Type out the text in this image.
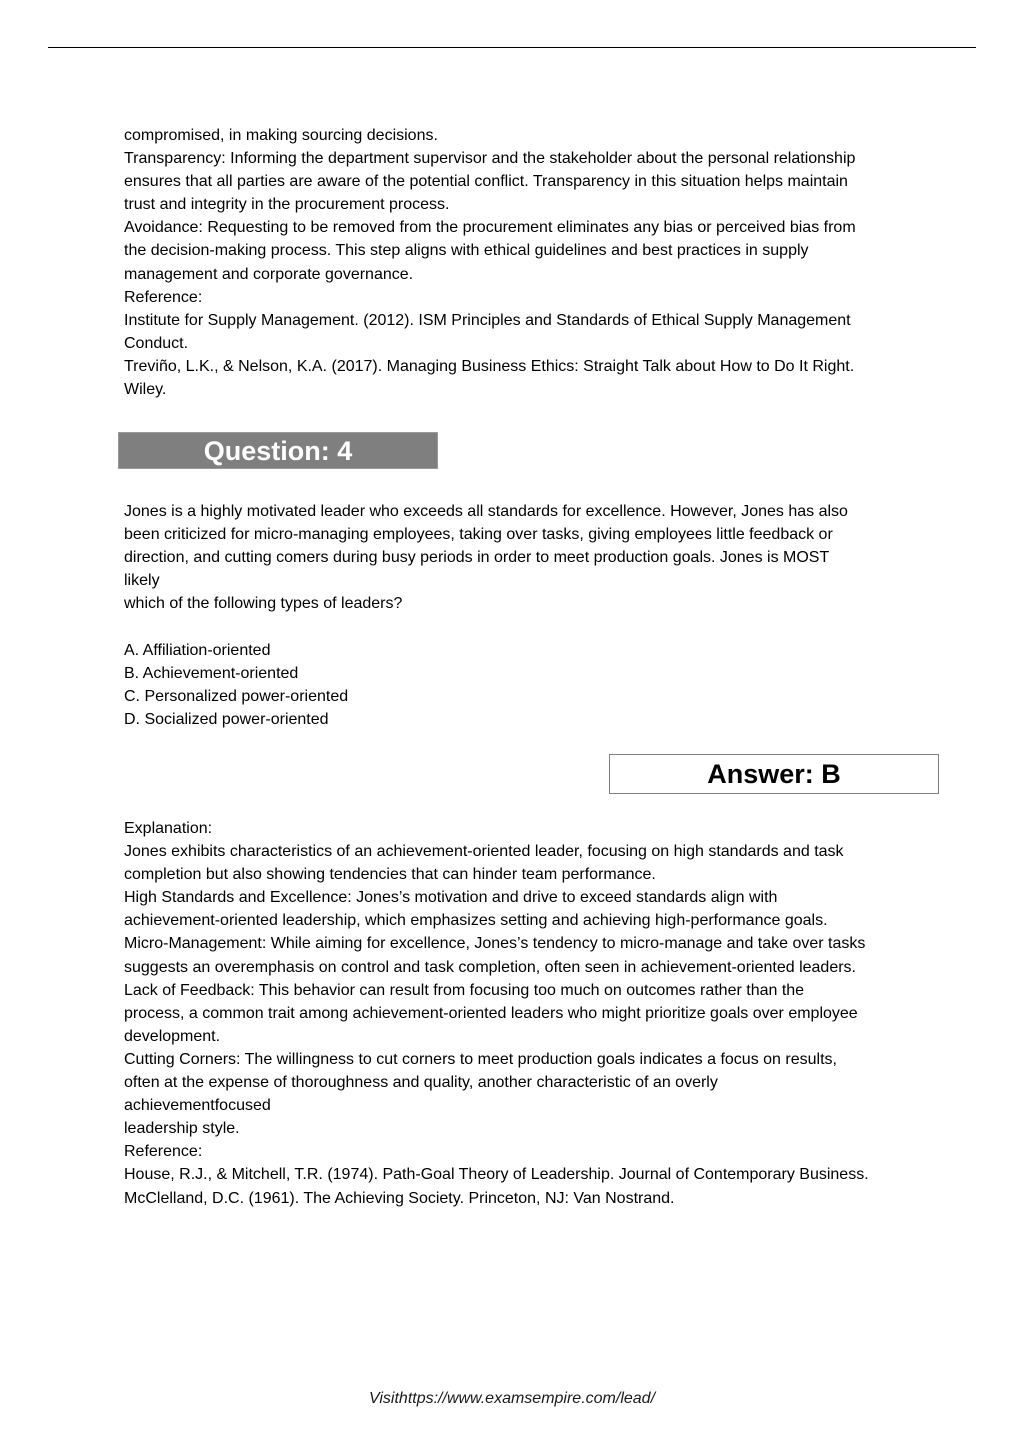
compromised, in making sourcing decisions.
Transparency: Informing the department supervisor and the stakeholder about the personal relationship
ensures that all parties are aware of the potential conflict. Transparency in this situation helps maintain
trust and integrity in the procurement process.
Avoidance: Requesting to be removed from the procurement eliminates any bias or perceived bias from
the decision-making process. This step aligns with ethical guidelines and best practices in supply
management and corporate governance.
Reference:
Institute for Supply Management. (2012). ISM Principles and Standards of Ethical Supply Management
Conduct.
Treviño, L.K., & Nelson, K.A. (2017). Managing Business Ethics: Straight Talk about How to Do It Right.
Wiley.
Question: 4
Jones is a highly motivated leader who exceeds all standards for excellence. However, Jones has also
been criticized for micro-managing employees, taking over tasks, giving employees little feedback or
direction, and cutting comers during busy periods in order to meet production goals. Jones is MOST
likely
which of the following types of leaders?
A. Affiliation-oriented
B. Achievement-oriented
C. Personalized power-oriented
D. Socialized power-oriented
Answer: B
Explanation:
Jones exhibits characteristics of an achievement-oriented leader, focusing on high standards and task
completion but also showing tendencies that can hinder team performance.
High Standards and Excellence: Jones’s motivation and drive to exceed standards align with
achievement-oriented leadership, which emphasizes setting and achieving high-performance goals.
Micro-Management: While aiming for excellence, Jones’s tendency to micro-manage and take over tasks
suggests an overemphasis on control and task completion, often seen in achievement-oriented leaders.
Lack of Feedback: This behavior can result from focusing too much on outcomes rather than the
process, a common trait among achievement-oriented leaders who might prioritize goals over employee
development.
Cutting Corners: The willingness to cut corners to meet production goals indicates a focus on results,
often at the expense of thoroughness and quality, another characteristic of an overly
achievementfocused
leadership style.
Reference:
House, R.J., & Mitchell, T.R. (1974). Path-Goal Theory of Leadership. Journal of Contemporary Business.
McClelland, D.C. (1961). The Achieving Society. Princeton, NJ: Van Nostrand.
Visithttps://www.examsempire.com/lead/
